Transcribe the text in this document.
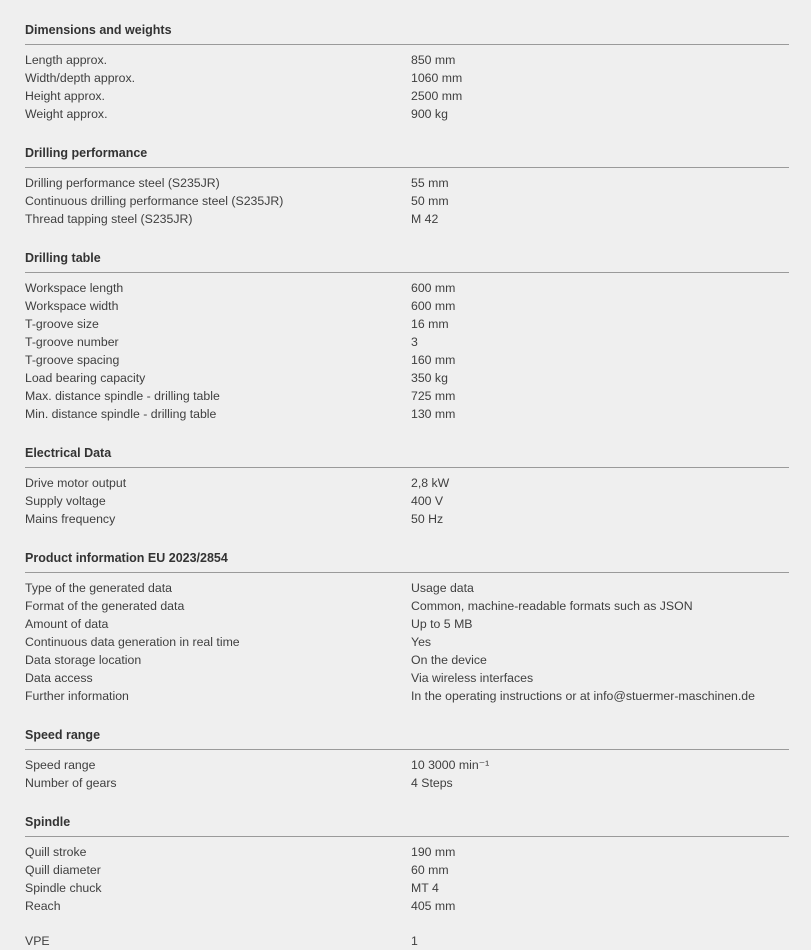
Dimensions and weights
Length approx.	850 mm
Width/depth approx.	1060 mm
Height approx.	2500 mm
Weight approx.	900 kg
Drilling performance
Drilling performance steel (S235JR)	55 mm
Continuous drilling performance steel (S235JR)	50 mm
Thread tapping steel (S235JR)	M 42
Drilling table
Workspace length	600 mm
Workspace width	600 mm
T-groove size	16 mm
T-groove number	3
T-groove spacing	160 mm
Load bearing capacity	350 kg
Max. distance spindle - drilling table	725 mm
Min. distance spindle - drilling table	130 mm
Electrical Data
Drive motor output	2,8 kW
Supply voltage	400 V
Mains frequency	50 Hz
Product information EU 2023/2854
Type of the generated data	Usage data
Format of the generated data	Common, machine-readable formats such as JSON
Amount of data	Up to 5 MB
Continuous data generation in real time	Yes
Data storage location	On the device
Data access	Via wireless interfaces
Further information	In the operating instructions or at info@stuermer-maschinen.de
Speed range
Speed range	10 3000 min⁻¹
Number of gears	4 Steps
Spindle
Quill stroke	190 mm
Quill diameter	60 mm
Spindle chuck	MT 4
Reach	405 mm
VPE	1
